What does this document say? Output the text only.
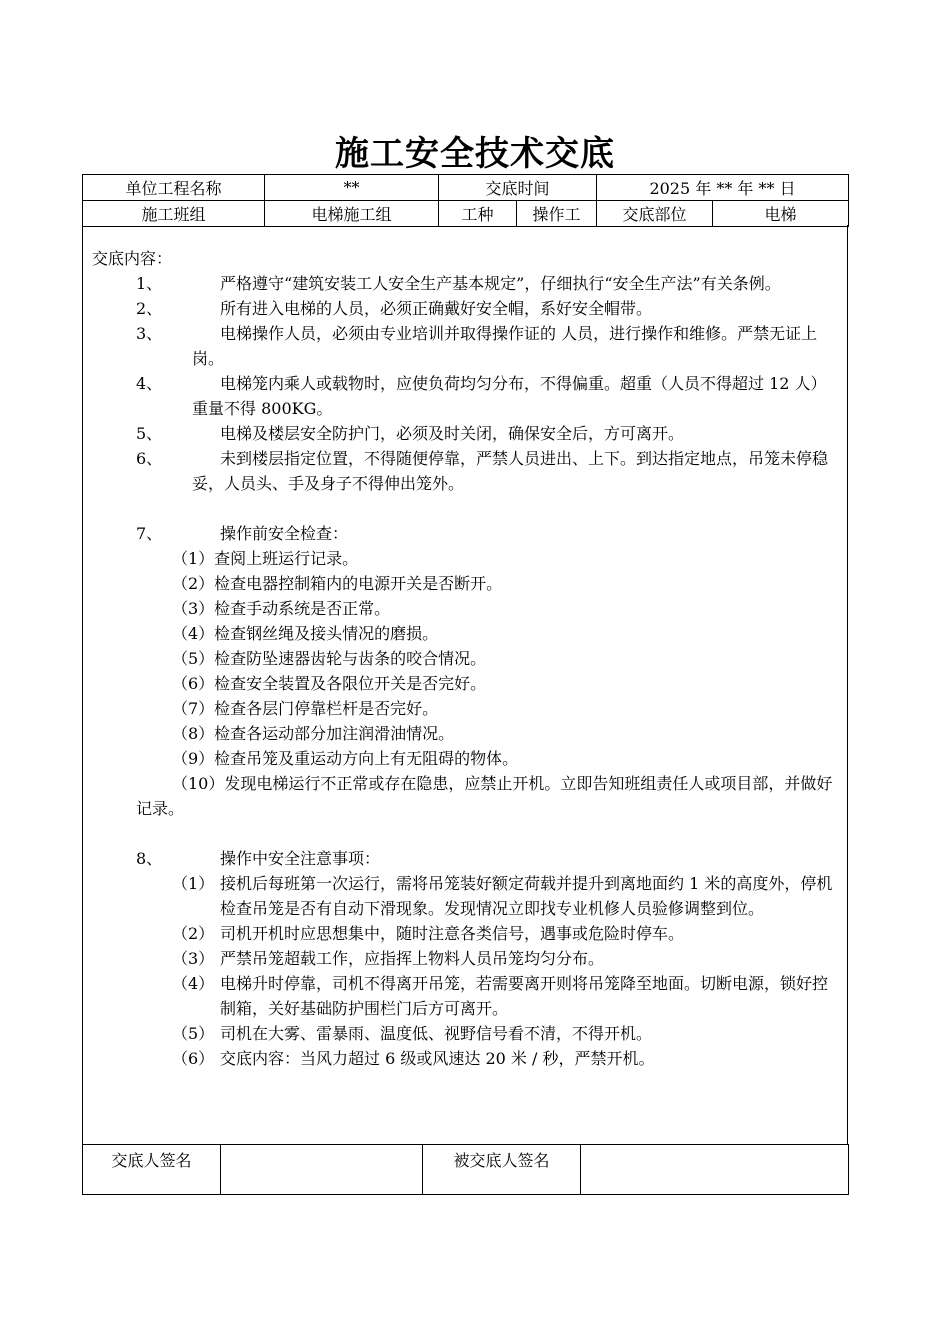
施工安全技术交底
单位工程名称	**	交底时间		2025 年 ** 年 ** 日	
施工班组	电梯施工组	工种	操作工	交底部位	电梯

交底内容：

1、	严格遵守“建筑安装工人安全生产基本规定”，仔细执行“安全生产法”有关条例。
2、	所有进入电梯的人员，必须正确戴好安全帽，系好安全帽带。
3、	电梯操作人员，必须由专业培训并取得操作证的 人员，进行操作和维修。严禁无证上岗。
4、	电梯笼内乘人或载物时，应使负荷均匀分布，不得偏重。超重（人员不得超过 12 人）重量不得 800KG。
5、	电梯及楼层安全防护门，必须及时关闭，确保安全后，方可离开。
6、	未到楼层指定位置，不得随便停靠，严禁人员进出、上下。到达指定地点，吊笼未停稳妥，人员头、手及身子不得伸出笼外。
7、	操作前安全检查：
（1）查阅上班运行记录。
（2）检查电器控制箱内的电源开关是否断开。
（3）检查手动系统是否正常。
（4）检查钢丝绳及接头情况的磨损。
（5）检查防坠速器齿轮与齿条的咬合情况。
（6）检查安全装置及各限位开关是否完好。
（7）检查各层门停靠栏杆是否完好。
（8）检查各运动部分加注润滑油情况。
（9）检查吊笼及重运动方向上有无阻碍的物体。
（10）发现电梯运行不正常或存在隐患，应禁止开机。立即告知班组责任人或项目部，并做好记录。
8、	操作中安全注意事项：
（1） 接机后每班第一次运行，需将吊笼装好额定荷载并提升到离地面约 1 米的高度外，停机检查吊笼是否有自动下滑现象。发现情况立即找专业机修人员验修调整到位。
（2） 司机开机时应思想集中，随时注意各类信号，遇事或危险时停车。
（3） 严禁吊笼超载工作，应指挥上物料人员吊笼均匀分布。
（4） 电梯升时停靠，司机不得离开吊笼，若需要离开则将吊笼降至地面。切断电源，锁好控制箱，关好基础防护围栏门后方可离开。
（5） 司机在大雾、雷暴雨、温度低、视野信号看不清，不得开机。
（6） 交底内容：当风力超过 6 级或风速达 20 米 / 秒，严禁开机。
交底人签名		被交底人签名
